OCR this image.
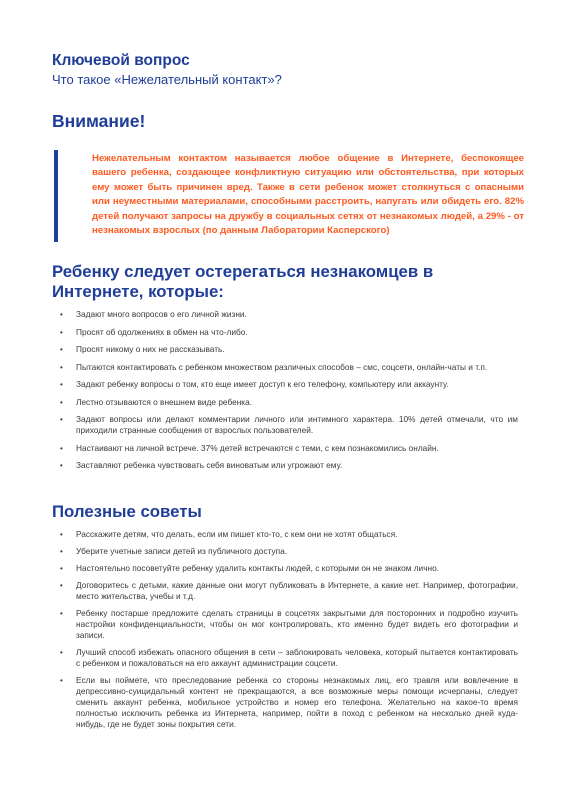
Ключевой вопрос
Что такое «Нежелательный контакт»?
Внимание!
Нежелательным контактом называется любое общение в Интернете, беспокоящее вашего ребенка, создающее конфликтную ситуацию или обстоятельства, при которых ему может быть причинен вред. Также в сети ребенок может столкнуться с опасными или неуместными материалами, способными расстроить, напугать или обидеть его. 82% детей получают запросы на дружбу в социальных сетях от незнакомых людей, а 29% - от незнакомых взрослых (по данным Лаборатории Касперского)
Ребенку следует остерегаться незнакомцев в Интернете, которые:
• Задают много вопросов о его личной жизни.
• Просят об одолжениях в обмен на что-либо.
• Просят никому о них не рассказывать.
• Пытаются контактировать с ребенком множеством различных способов – смс, соцсети, онлайн-чаты и т.п.
• Задают ребенку вопросы о том, кто еще имеет доступ к его телефону, компьютеру или аккаунту.
• Лестно отзываются о внешнем виде ребенка.
• Задают вопросы или делают комментарии личного или интимного характера. 10% детей отмечали, что им приходили странные сообщения от взрослых пользователей.
• Настаивают на личной встрече. 37% детей встречаются с теми, с кем познакомились онлайн.
• Заставляют ребенка чувствовать себя виноватым или угрожают ему.
Полезные советы
• Расскажите детям, что делать, если им пишет кто-то, с кем они не хотят общаться.
• Уберите учетные записи детей из публичного доступа.
• Настоятельно посоветуйте ребенку удалить контакты людей, с которыми он не знаком лично.
• Договоритесь с детьми, какие данные они могут публиковать в Интернете, а какие нет. Например, фотографии, место жительства, учебы и т.д.
• Ребенку постарше предложите сделать страницы в соцсетях закрытыми для посторонних и подробно изучить настройки конфиденциальности, чтобы он мог контролировать, кто именно будет видеть его фотографии и записи.
• Лучший способ избежать опасного общения в сети – заблокировать человека, который пытается контактировать с ребенком и пожаловаться на его аккаунт администрации соцсети.
• Если вы поймете, что преследование ребенка со стороны незнакомых лиц, его травля или вовлечение в депрессивно-суицидальный контент не прекращаются, а все возможные меры помощи исчерпаны, следует сменить аккаунт ребенка, мобильное устройство и номер его телефона. Желательно на какое-то время полностью исключить ребенка из Интернета, например, пойти в поход с ребенком на несколько дней куда-нибудь, где не будет зоны покрытия сети.
